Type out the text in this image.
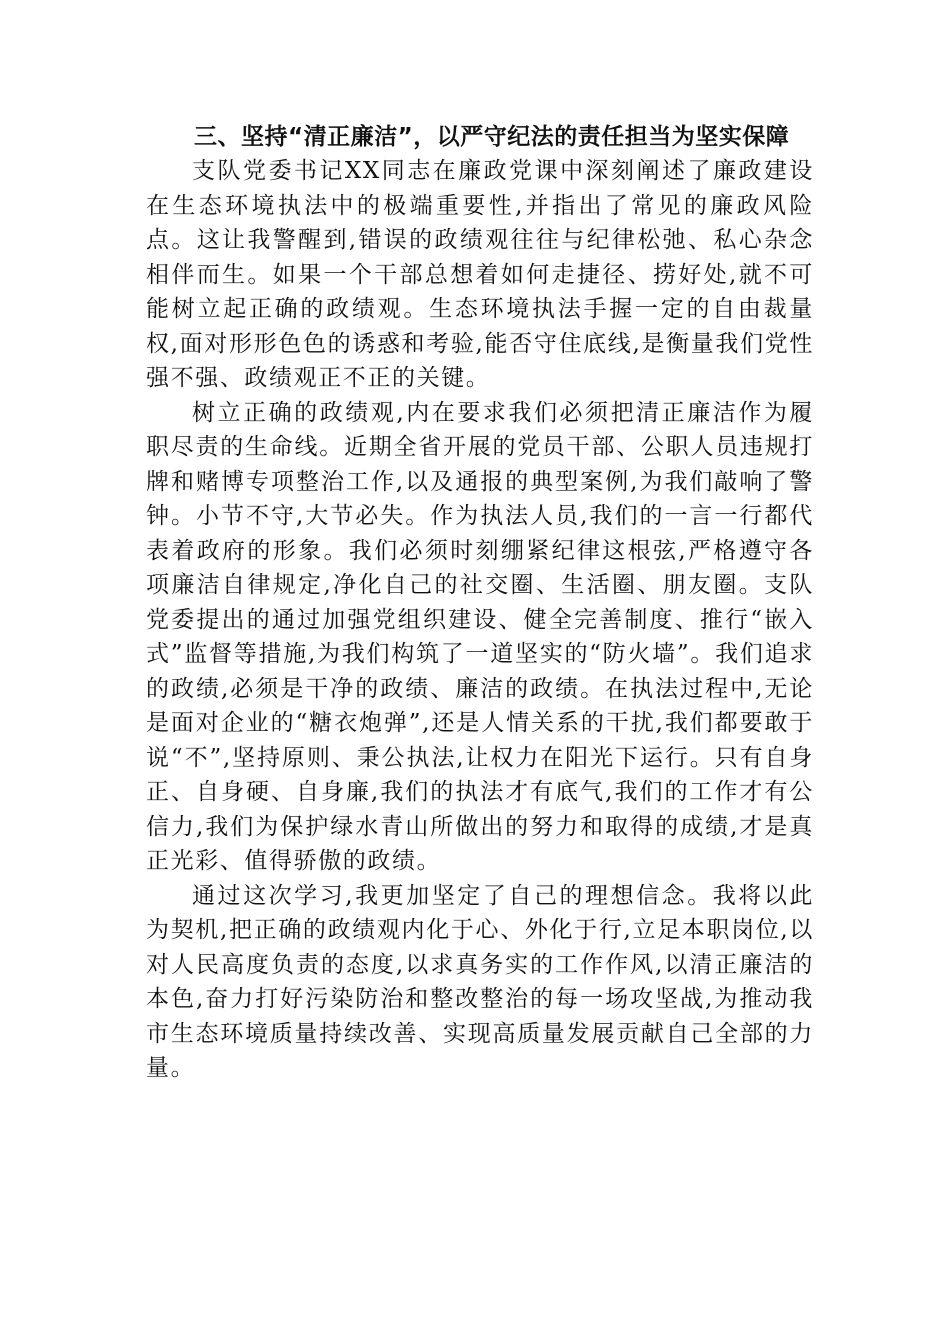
三、坚持“清正廉洁”，以严守纪法的责任担当为坚实保障

支队党委书记XX同志在廉政党课中深刻阐述了廉政建设在生态环境执法中的极端重要性,并指出了常见的廉政风险点。这让我警醒到,错误的政绩观往往与纪律松弛、私心杂念相伴而生。如果一个干部总想着如何走捷径、捞好处,就不可能树立起正确的政绩观。生态环境执法手握一定的自由裁量权,面对形形色色的诱惑和考验,能否守住底线,是衡量我们党性强不强、政绩观正不正的关键。

树立正确的政绩观,内在要求我们必须把清正廉洁作为履职尽责的生命线。近期全省开展的党员干部、公职人员违规打牌和赌博专项整治工作,以及通报的典型案例,为我们敲响了警钟。小节不守,大节必失。作为执法人员,我们的一言一行都代表着政府的形象。我们必须时刻绷紧纪律这根弦,严格遵守各项廉洁自律规定,净化自己的社交圈、生活圈、朋友圈。支队党委提出的通过加强党组织建设、健全完善制度、推行“嵌入式”监督等措施,为我们构筑了一道坚实的“防火墙”。我们追求的政绩,必须是干净的政绩、廉洁的政绩。在执法过程中,无论是面对企业的“糖衣炮弹”,还是人情关系的干扰,我们都要敢于说“不”,坚持原则、秉公执法,让权力在阳光下运行。只有自身正、自身硬、自身廉,我们的执法才有底气,我们的工作才有公信力,我们为保护绿水青山所做出的努力和取得的成绩,才是真正光彩、值得骄傲的政绩。

通过这次学习,我更加坚定了自己的理想信念。我将以此为契机,把正确的政绩观内化于心、外化于行,立足本职岗位,以对人民高度负责的态度,以求真务实的工作作风,以清正廉洁的本色,奋力打好污染防治和整改整治的每一场攻坚战,为推动我市生态环境质量持续改善、实现高质量发展贡献自己全部的力量。
